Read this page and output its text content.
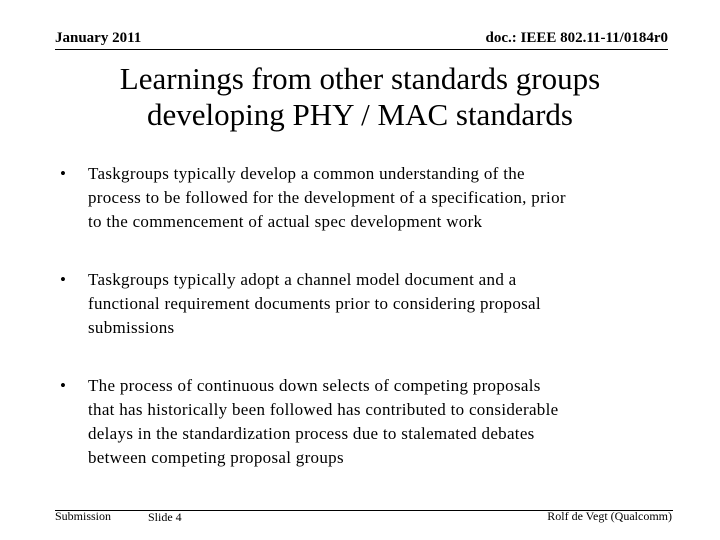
January 2011	doc.: IEEE 802.11-11/0184r0
Learnings from other standards groups
developing PHY / MAC standards
• Taskgroups typically develop a common understanding of the
process to be followed for the development of a specification, prior
to the commencement of actual spec development work
• Taskgroups typically adopt a channel model document and a
functional requirement documents prior to considering proposal
submissions
• The process of continuous down selects of competing proposals
that has historically been followed has contributed to considerable
delays in the standardization process due to stalemated debates
between competing proposal groups
Submission	Slide 4	Rolf de Vegt (Qualcomm)
